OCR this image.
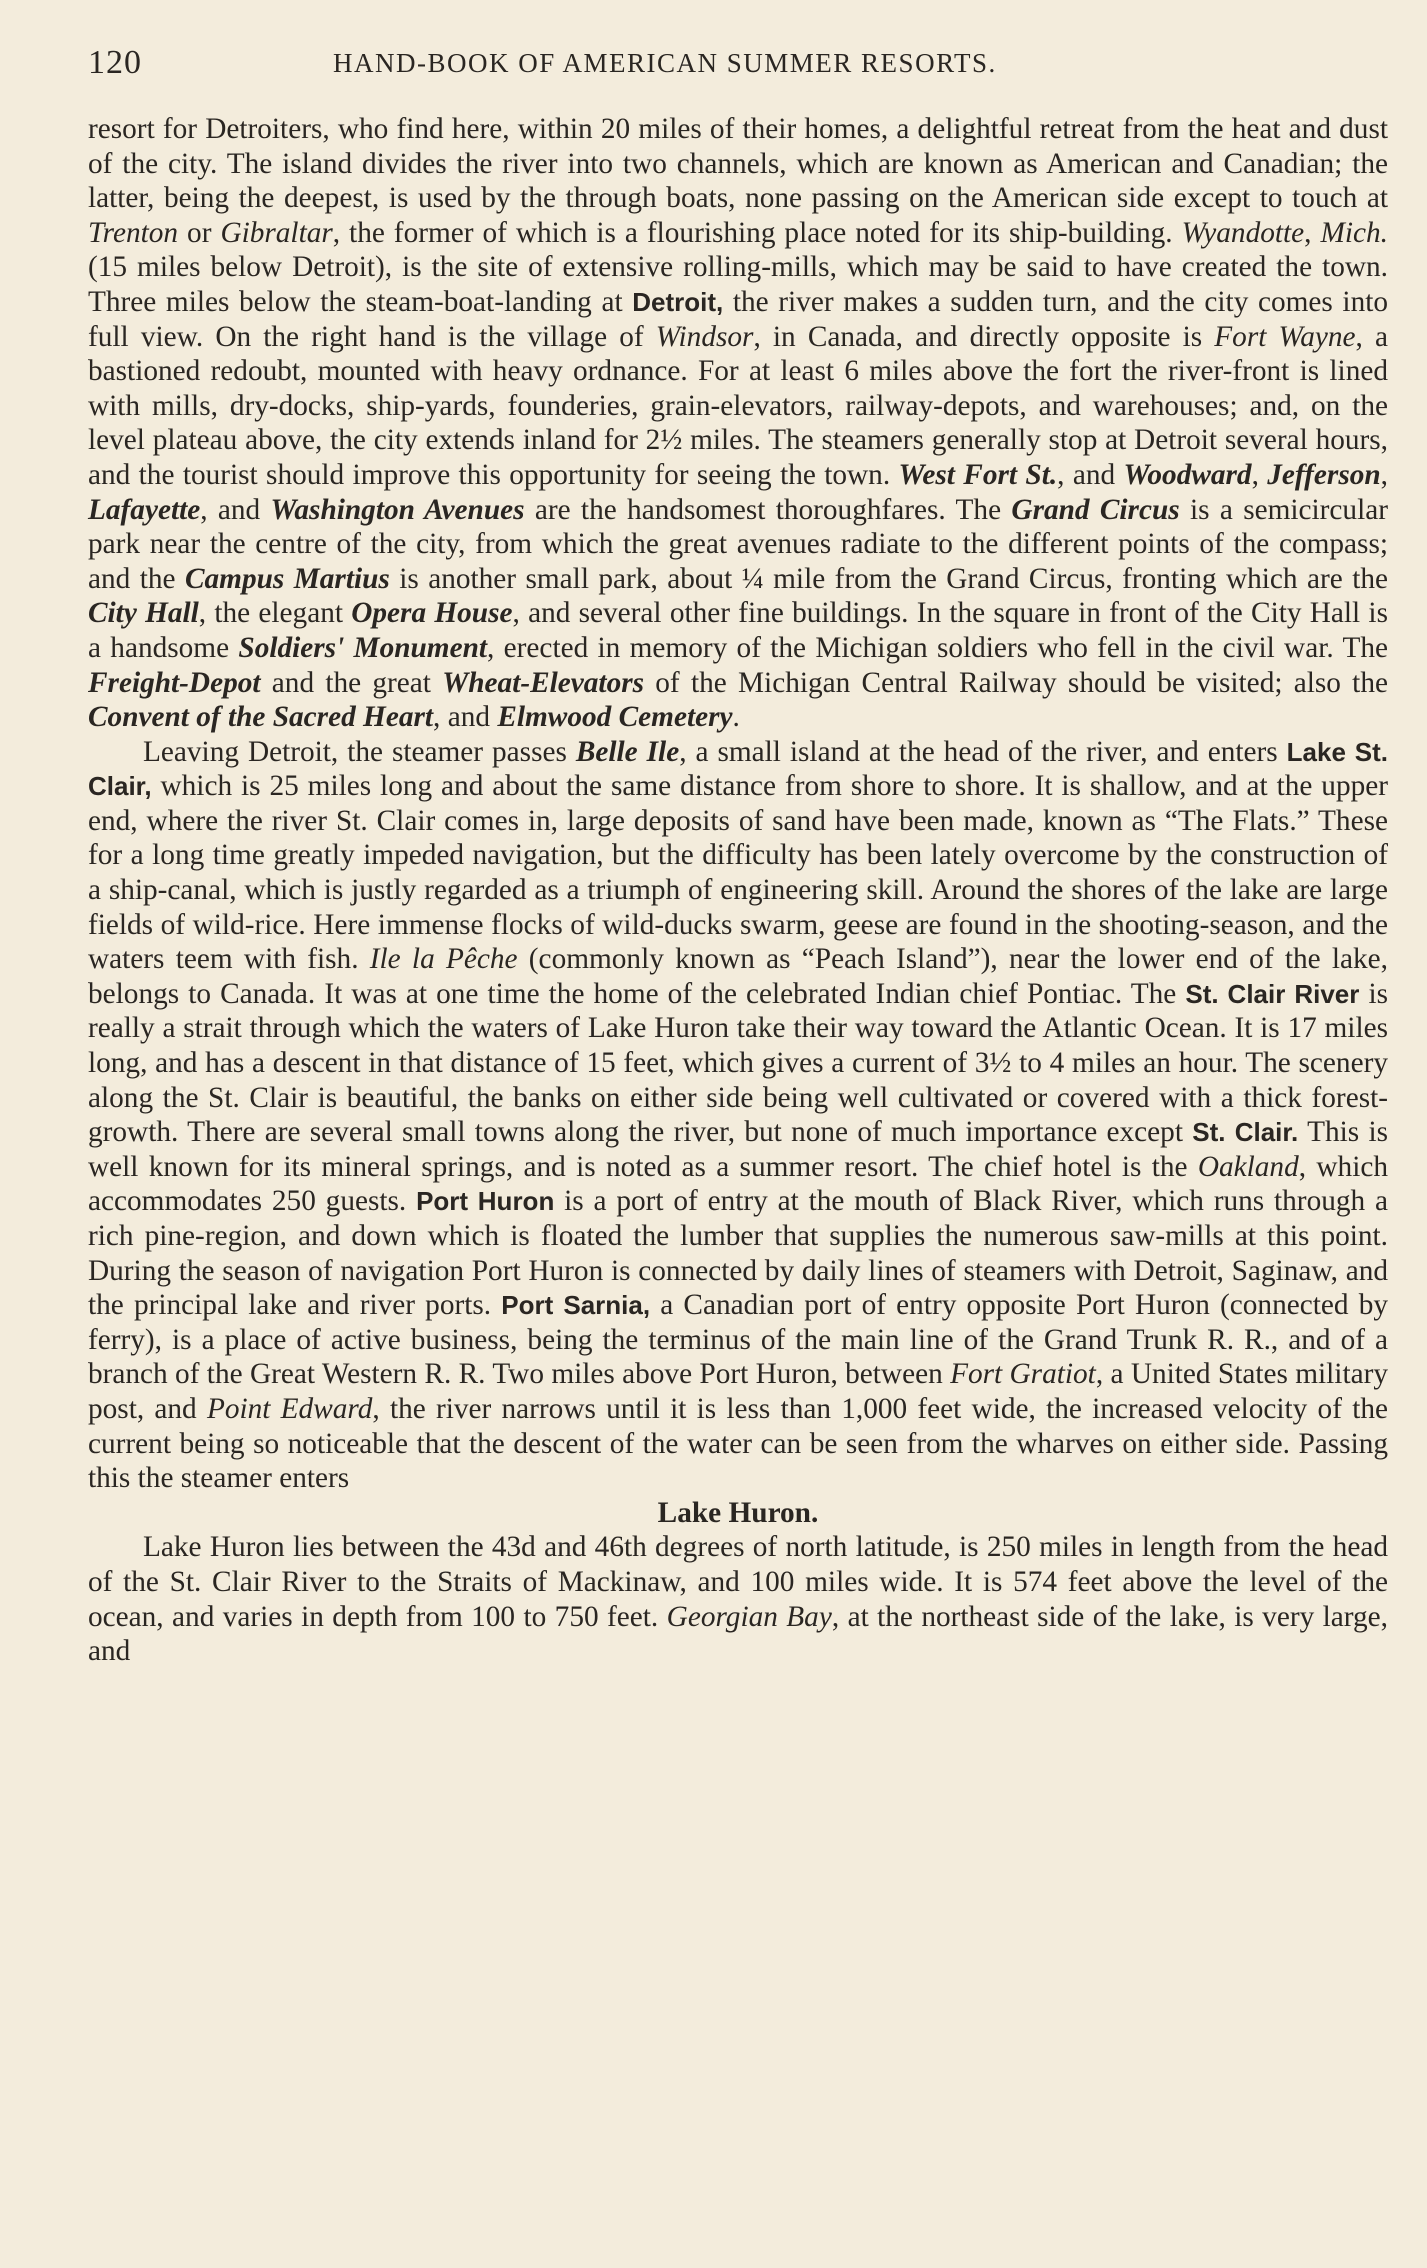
120	HAND-BOOK OF AMERICAN SUMMER RESORTS.

resort for Detroiters, who find here, within 20 miles of their homes, a delightful retreat from the heat and dust of the city. The island divides the river into two channels, which are known as American and Canadian; the latter, being the deepest, is used by the through boats, none passing on the American side except to touch at Trenton or Gibraltar, the former of which is a flourishing place noted for its ship-building. Wyandotte, Mich. (15 miles below Detroit), is the site of extensive rolling-mills, which may be said to have created the town. Three miles below the steam-boat-landing at Detroit, the river makes a sudden turn, and the city comes into full view. On the right hand is the village of Windsor, in Canada, and directly opposite is Fort Wayne, a bastioned redoubt, mounted with heavy ordnance. For at least 6 miles above the fort the river-front is lined with mills, dry-docks, ship-yards, founderies, grain-elevators, railway-depots, and warehouses; and, on the level plateau above, the city extends inland for 2½ miles. The steamers generally stop at Detroit several hours, and the tourist should improve this opportunity for seeing the town. West Fort St., and Woodward, Jefferson, Lafayette, and Washington Avenues are the handsomest thoroughfares. The Grand Circus is a semicircular park near the centre of the city, from which the great avenues radiate to the different points of the compass; and the Campus Martius is another small park, about ¼ mile from the Grand Circus, fronting which are the City Hall, the elegant Opera House, and several other fine buildings. In the square in front of the City Hall is a handsome Soldiers' Monument, erected in memory of the Michigan soldiers who fell in the civil war. The Freight-Depot and the great Wheat-Elevators of the Michigan Central Railway should be visited; also the Convent of the Sacred Heart, and Elmwood Cemetery.

Leaving Detroit, the steamer passes Belle Ile, a small island at the head of the river, and enters Lake St. Clair, which is 25 miles long and about the same distance from shore to shore. It is shallow, and at the upper end, where the river St. Clair comes in, large deposits of sand have been made, known as “The Flats.” These for a long time greatly impeded navigation, but the difficulty has been lately overcome by the construction of a ship-canal, which is justly regarded as a triumph of engineering skill. Around the shores of the lake are large fields of wild-rice. Here immense flocks of wild-ducks swarm, geese are found in the shooting-season, and the waters teem with fish. Ile la Pêche (commonly known as “Peach Island”), near the lower end of the lake, belongs to Canada. It was at one time the home of the celebrated Indian chief Pontiac. The St. Clair River is really a strait through which the waters of Lake Huron take their way toward the Atlantic Ocean. It is 17 miles long, and has a descent in that distance of 15 feet, which gives a current of 3½ to 4 miles an hour. The scenery along the St. Clair is beautiful, the banks on either side being well cultivated or covered with a thick forest-growth. There are several small towns along the river, but none of much importance except St. Clair. This is well known for its mineral springs, and is noted as a summer resort. The chief hotel is the Oakland, which accommodates 250 guests. Port Huron is a port of entry at the mouth of Black River, which runs through a rich pine-region, and down which is floated the lumber that supplies the numerous saw-mills at this point. During the season of navigation Port Huron is connected by daily lines of steamers with Detroit, Saginaw, and the principal lake and river ports. Port Sarnia, a Canadian port of entry opposite Port Huron (connected by ferry), is a place of active business, being the terminus of the main line of the Grand Trunk R. R., and of a branch of the Great Western R. R. Two miles above Port Huron, between Fort Gratiot, a United States military post, and Point Edward, the river narrows until it is less than 1,000 feet wide, the increased velocity of the current being so noticeable that the descent of the water can be seen from the wharves on either side. Passing this the steamer enters

Lake Huron.

Lake Huron lies between the 43d and 46th degrees of north latitude, is 250 miles in length from the head of the St. Clair River to the Straits of Mackinaw, and 100 miles wide. It is 574 feet above the level of the ocean, and varies in depth from 100 to 750 feet. Georgian Bay, at the northeast side of the lake, is very large, and
